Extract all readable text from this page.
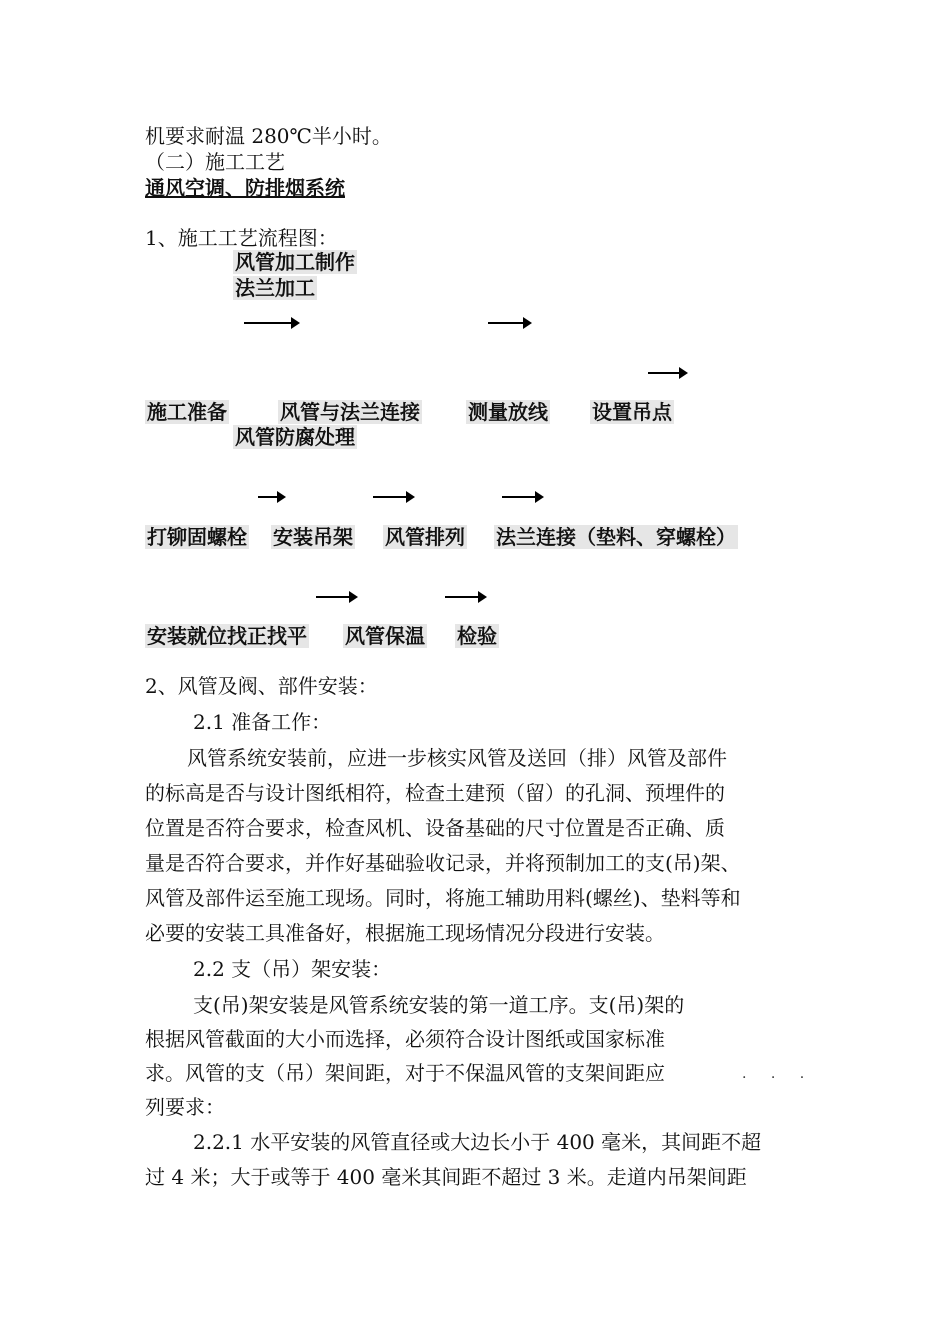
机要求耐温 280℃半小时。
（二）施工工艺
通风空调、防排烟系统
1、施工工艺流程图：
风管加工制作
法兰加工
施工准备	风管与法兰连接 测量放线 设置吊点
风管防腐处理
打铆固螺栓 安装吊架 风管排列 法兰连接（垫料、穿螺栓）
安装就位找正找平 风管保温 检验
2、风管及阀、部件安装：
2.1 准备工作：
风管系统安装前，应进一步核实风管及送回（排）风管及部件
的标高是否与设计图纸相符，检查土建预（留）的孔洞、预埋件的
位置是否符合要求，检查风机、设备基础的尺寸位置是否正确、质
量是否符合要求，并作好基础验收记录，并将预制加工的支(吊)架、
风管及部件运至施工现场。同时，将施工辅助用料(螺丝)、垫料等和
必要的安装工具准备好，根据施工现场情况分段进行安装。
2.2 支（吊）架安装：
支(吊)架安装是风管系统安装的第一道工序。支(吊)架的
根据风管截面的大小而选择，必须符合设计图纸或国家标准
求。风管的支（吊）架间距，对于不保温风管的支架间距应	. . .
列要求：
2.2.1 水平安装的风管直径或大边长小于 400 毫米，其间距不超
过 4 米；大于或等于 400 毫米其间距不超过 3 米。走道内吊架间距
